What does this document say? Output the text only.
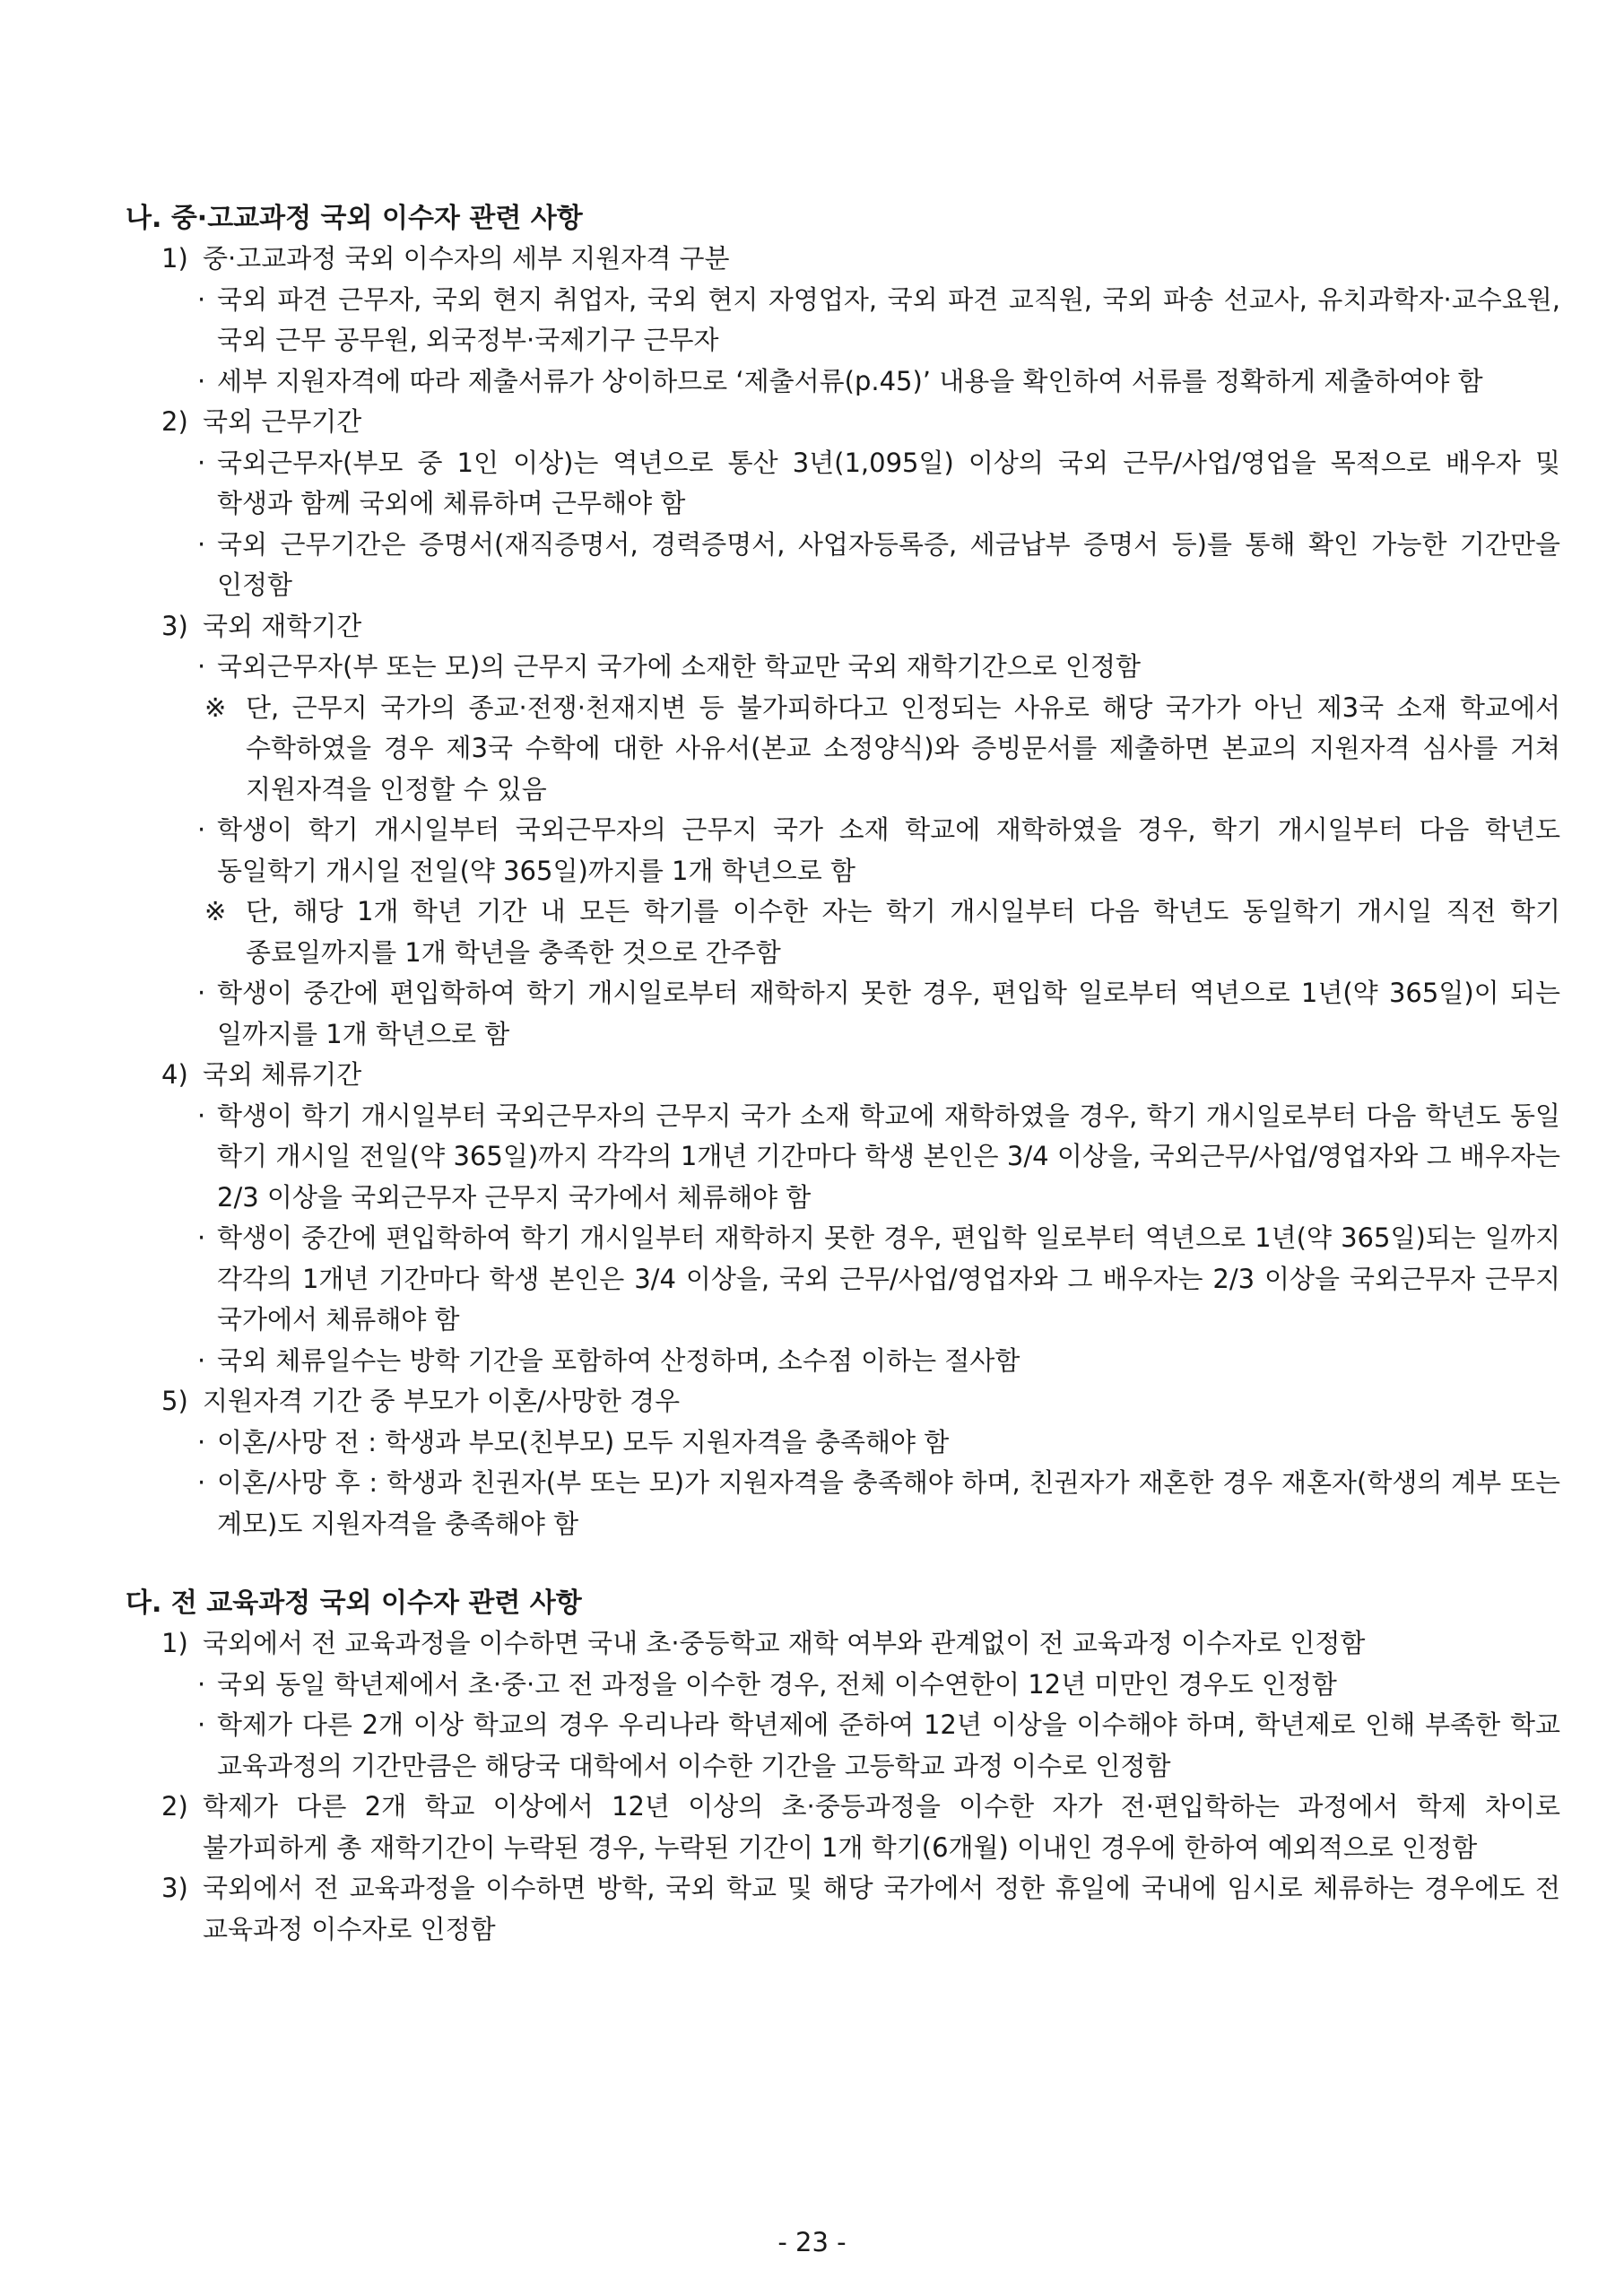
나. 중·고교과정 국외 이수자 관련 사항
1) 중·고교과정 국외 이수자의 세부 지원자격 구분
· 국외 파견 근무자, 국외 현지 취업자, 국외 현지 자영업자, 국외 파견 교직원, 국외 파송 선교사, 유치과학자·교수요원, 국외 근무 공무원, 외국정부·국제기구 근무자
· 세부 지원자격에 따라 제출서류가 상이하므로 ‘제출서류(p.45)’ 내용을 확인하여 서류를 정확하게 제출하여야 함
2) 국외 근무기간
· 국외근무자(부모 중 1인 이상)는 역년으로 통산 3년(1,095일) 이상의 국외 근무/사업/영업을 목적으로 배우자 및 학생과 함께 국외에 체류하며 근무해야 함
· 국외 근무기간은 증명서(재직증명서, 경력증명서, 사업자등록증, 세금납부 증명서 등)를 통해 확인 가능한 기간만을 인정함
3) 국외 재학기간
· 국외근무자(부 또는 모)의 근무지 국가에 소재한 학교만 국외 재학기간으로 인정함
※ 단, 근무지 국가의 종교·전쟁·천재지변 등 불가피하다고 인정되는 사유로 해당 국가가 아닌 제3국 소재 학교에서 수학하였을 경우 제3국 수학에 대한 사유서(본교 소정양식)와 증빙문서를 제출하면 본교의 지원자격 심사를 거쳐 지원자격을 인정할 수 있음
· 학생이 학기 개시일부터 국외근무자의 근무지 국가 소재 학교에 재학하였을 경우, 학기 개시일부터 다음 학년도 동일학기 개시일 전일(약 365일)까지를 1개 학년으로 함
※ 단, 해당 1개 학년 기간 내 모든 학기를 이수한 자는 학기 개시일부터 다음 학년도 동일학기 개시일 직전 학기 종료일까지를 1개 학년을 충족한 것으로 간주함
· 학생이 중간에 편입학하여 학기 개시일로부터 재학하지 못한 경우, 편입학 일로부터 역년으로 1년(약 365일)이 되는 일까지를 1개 학년으로 함
4) 국외 체류기간
· 학생이 학기 개시일부터 국외근무자의 근무지 국가 소재 학교에 재학하였을 경우, 학기 개시일로부터 다음 학년도 동일 학기 개시일 전일(약 365일)까지 각각의 1개년 기간마다 학생 본인은 3/4 이상을, 국외근무/사업/영업자와 그 배우자는 2/3 이상을 국외근무자 근무지 국가에서 체류해야 함
· 학생이 중간에 편입학하여 학기 개시일부터 재학하지 못한 경우, 편입학 일로부터 역년으로 1년(약 365일)되는 일까지 각각의 1개년 기간마다 학생 본인은 3/4 이상을, 국외 근무/사업/영업자와 그 배우자는 2/3 이상을 국외근무자 근무지 국가에서 체류해야 함
· 국외 체류일수는 방학 기간을 포함하여 산정하며, 소수점 이하는 절사함
5) 지원자격 기간 중 부모가 이혼/사망한 경우
· 이혼/사망 전 : 학생과 부모(친부모) 모두 지원자격을 충족해야 함
· 이혼/사망 후 : 학생과 친권자(부 또는 모)가 지원자격을 충족해야 하며, 친권자가 재혼한 경우 재혼자(학생의 계부 또는 계모)도 지원자격을 충족해야 함
다. 전 교육과정 국외 이수자 관련 사항
1) 국외에서 전 교육과정을 이수하면 국내 초·중등학교 재학 여부와 관계없이 전 교육과정 이수자로 인정함
· 국외 동일 학년제에서 초·중·고 전 과정을 이수한 경우, 전체 이수연한이 12년 미만인 경우도 인정함
· 학제가 다른 2개 이상 학교의 경우 우리나라 학년제에 준하여 12년 이상을 이수해야 하며, 학년제로 인해 부족한 학교 교육과정의 기간만큼은 해당국 대학에서 이수한 기간을 고등학교 과정 이수로 인정함
2) 학제가 다른 2개 학교 이상에서 12년 이상의 초·중등과정을 이수한 자가 전·편입학하는 과정에서 학제 차이로 불가피하게 총 재학기간이 누락된 경우, 누락된 기간이 1개 학기(6개월) 이내인 경우에 한하여 예외적으로 인정함
3) 국외에서 전 교육과정을 이수하면 방학, 국외 학교 및 해당 국가에서 정한 휴일에 국내에 임시로 체류하는 경우에도 전 교육과정 이수자로 인정함
- 23 -
